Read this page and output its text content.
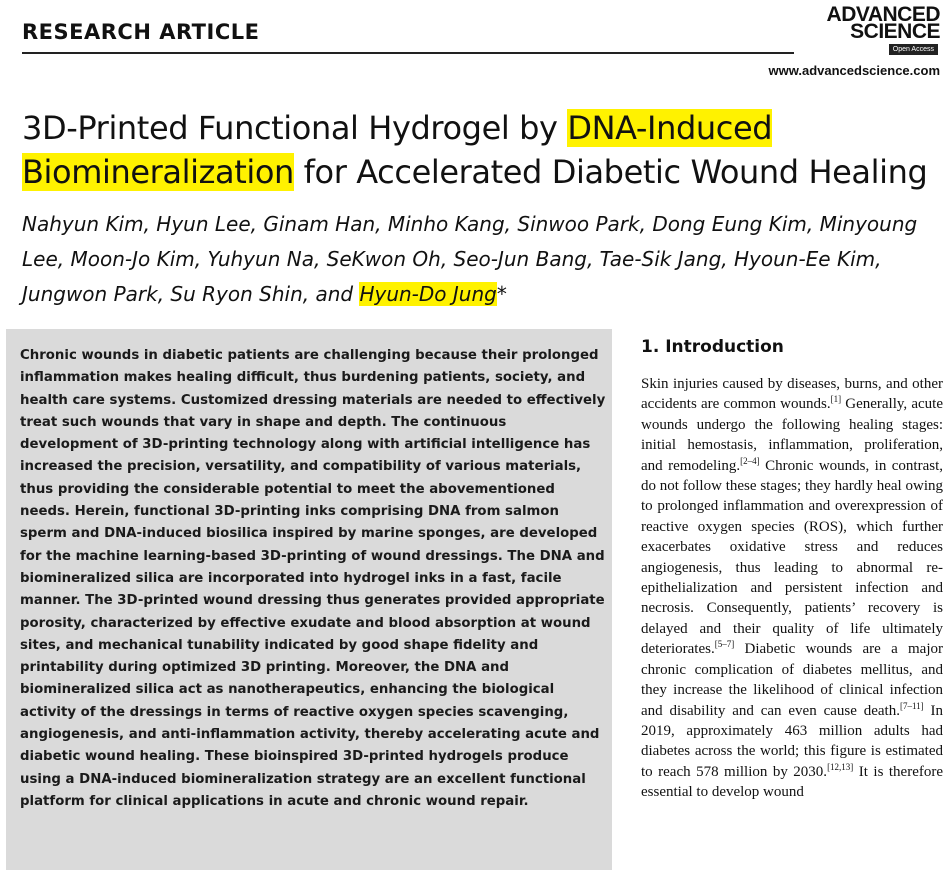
RESEARCH ARTICLE
ADVANCED
SCIENCE
Open Access
www.advancedscience.com
3D-Printed Functional Hydrogel by DNA-Induced
Biomineralization for Accelerated Diabetic Wound Healing

Nahyun Kim, Hyun Lee, Ginam Han, Minho Kang, Sinwoo Park, Dong Eung Kim, Minyoung Lee, Moon-Jo Kim, Yuhyun Na, SeKwon Oh, Seo-Jun Bang, Tae-Sik Jang, Hyoun-Ee Kim, Jungwon Park, Su Ryon Shin, and Hyun-Do Jung*

Chronic wounds in diabetic patients are challenging because their prolonged inflammation makes healing difficult, thus burdening patients, society, and health care systems. Customized dressing materials are needed to effectively treat such wounds that vary in shape and depth. The continuous development of 3D-printing technology along with artificial intelligence has increased the precision, versatility, and compatibility of various materials, thus providing the considerable potential to meet the abovementioned needs. Herein, functional 3D-printing inks comprising DNA from salmon sperm and DNA-induced biosilica inspired by marine sponges, are developed for the machine learning-based 3D-printing of wound dressings. The DNA and biomineralized silica are incorporated into hydrogel inks in a fast, facile manner. The 3D-printed wound dressing thus generates provided appropriate porosity, characterized by effective exudate and blood absorption at wound sites, and mechanical tunability indicated by good shape fidelity and printability during optimized 3D printing. Moreover, the DNA and biomineralized silica act as nanotherapeutics, enhancing the biological activity of the dressings in terms of reactive oxygen species scavenging, angiogenesis, and anti-inflammation activity, thereby accelerating acute and diabetic wound healing. These bioinspired 3D-printed hydrogels produce using a DNA-induced biomineralization strategy are an excellent functional platform for clinical applications in acute and chronic wound repair.

1. Introduction

Skin injuries caused by diseases, burns, and other accidents are common wounds.[1] Generally, acute wounds undergo the following healing stages: initial hemostasis, inflammation, proliferation, and remodeling.[2–4] Chronic wounds, in contrast, do not follow these stages; they hardly heal owing to prolonged inflammation and overexpression of reactive oxygen species (ROS), which further exacerbates oxidative stress and reduces angiogenesis, thus leading to abnormal re-epithelialization and persistent infection and necrosis. Consequently, patients’ recovery is delayed and their quality of life ultimately deteriorates.[5–7] Diabetic wounds are a major chronic complication of diabetes mellitus, and they increase the likelihood of clinical infection and disability and can even cause death.[7–11] In 2019, approximately 463 million adults had diabetes across the world; this figure is estimated to reach 578 million by 2030.[12,13] It is therefore essential to develop wound
